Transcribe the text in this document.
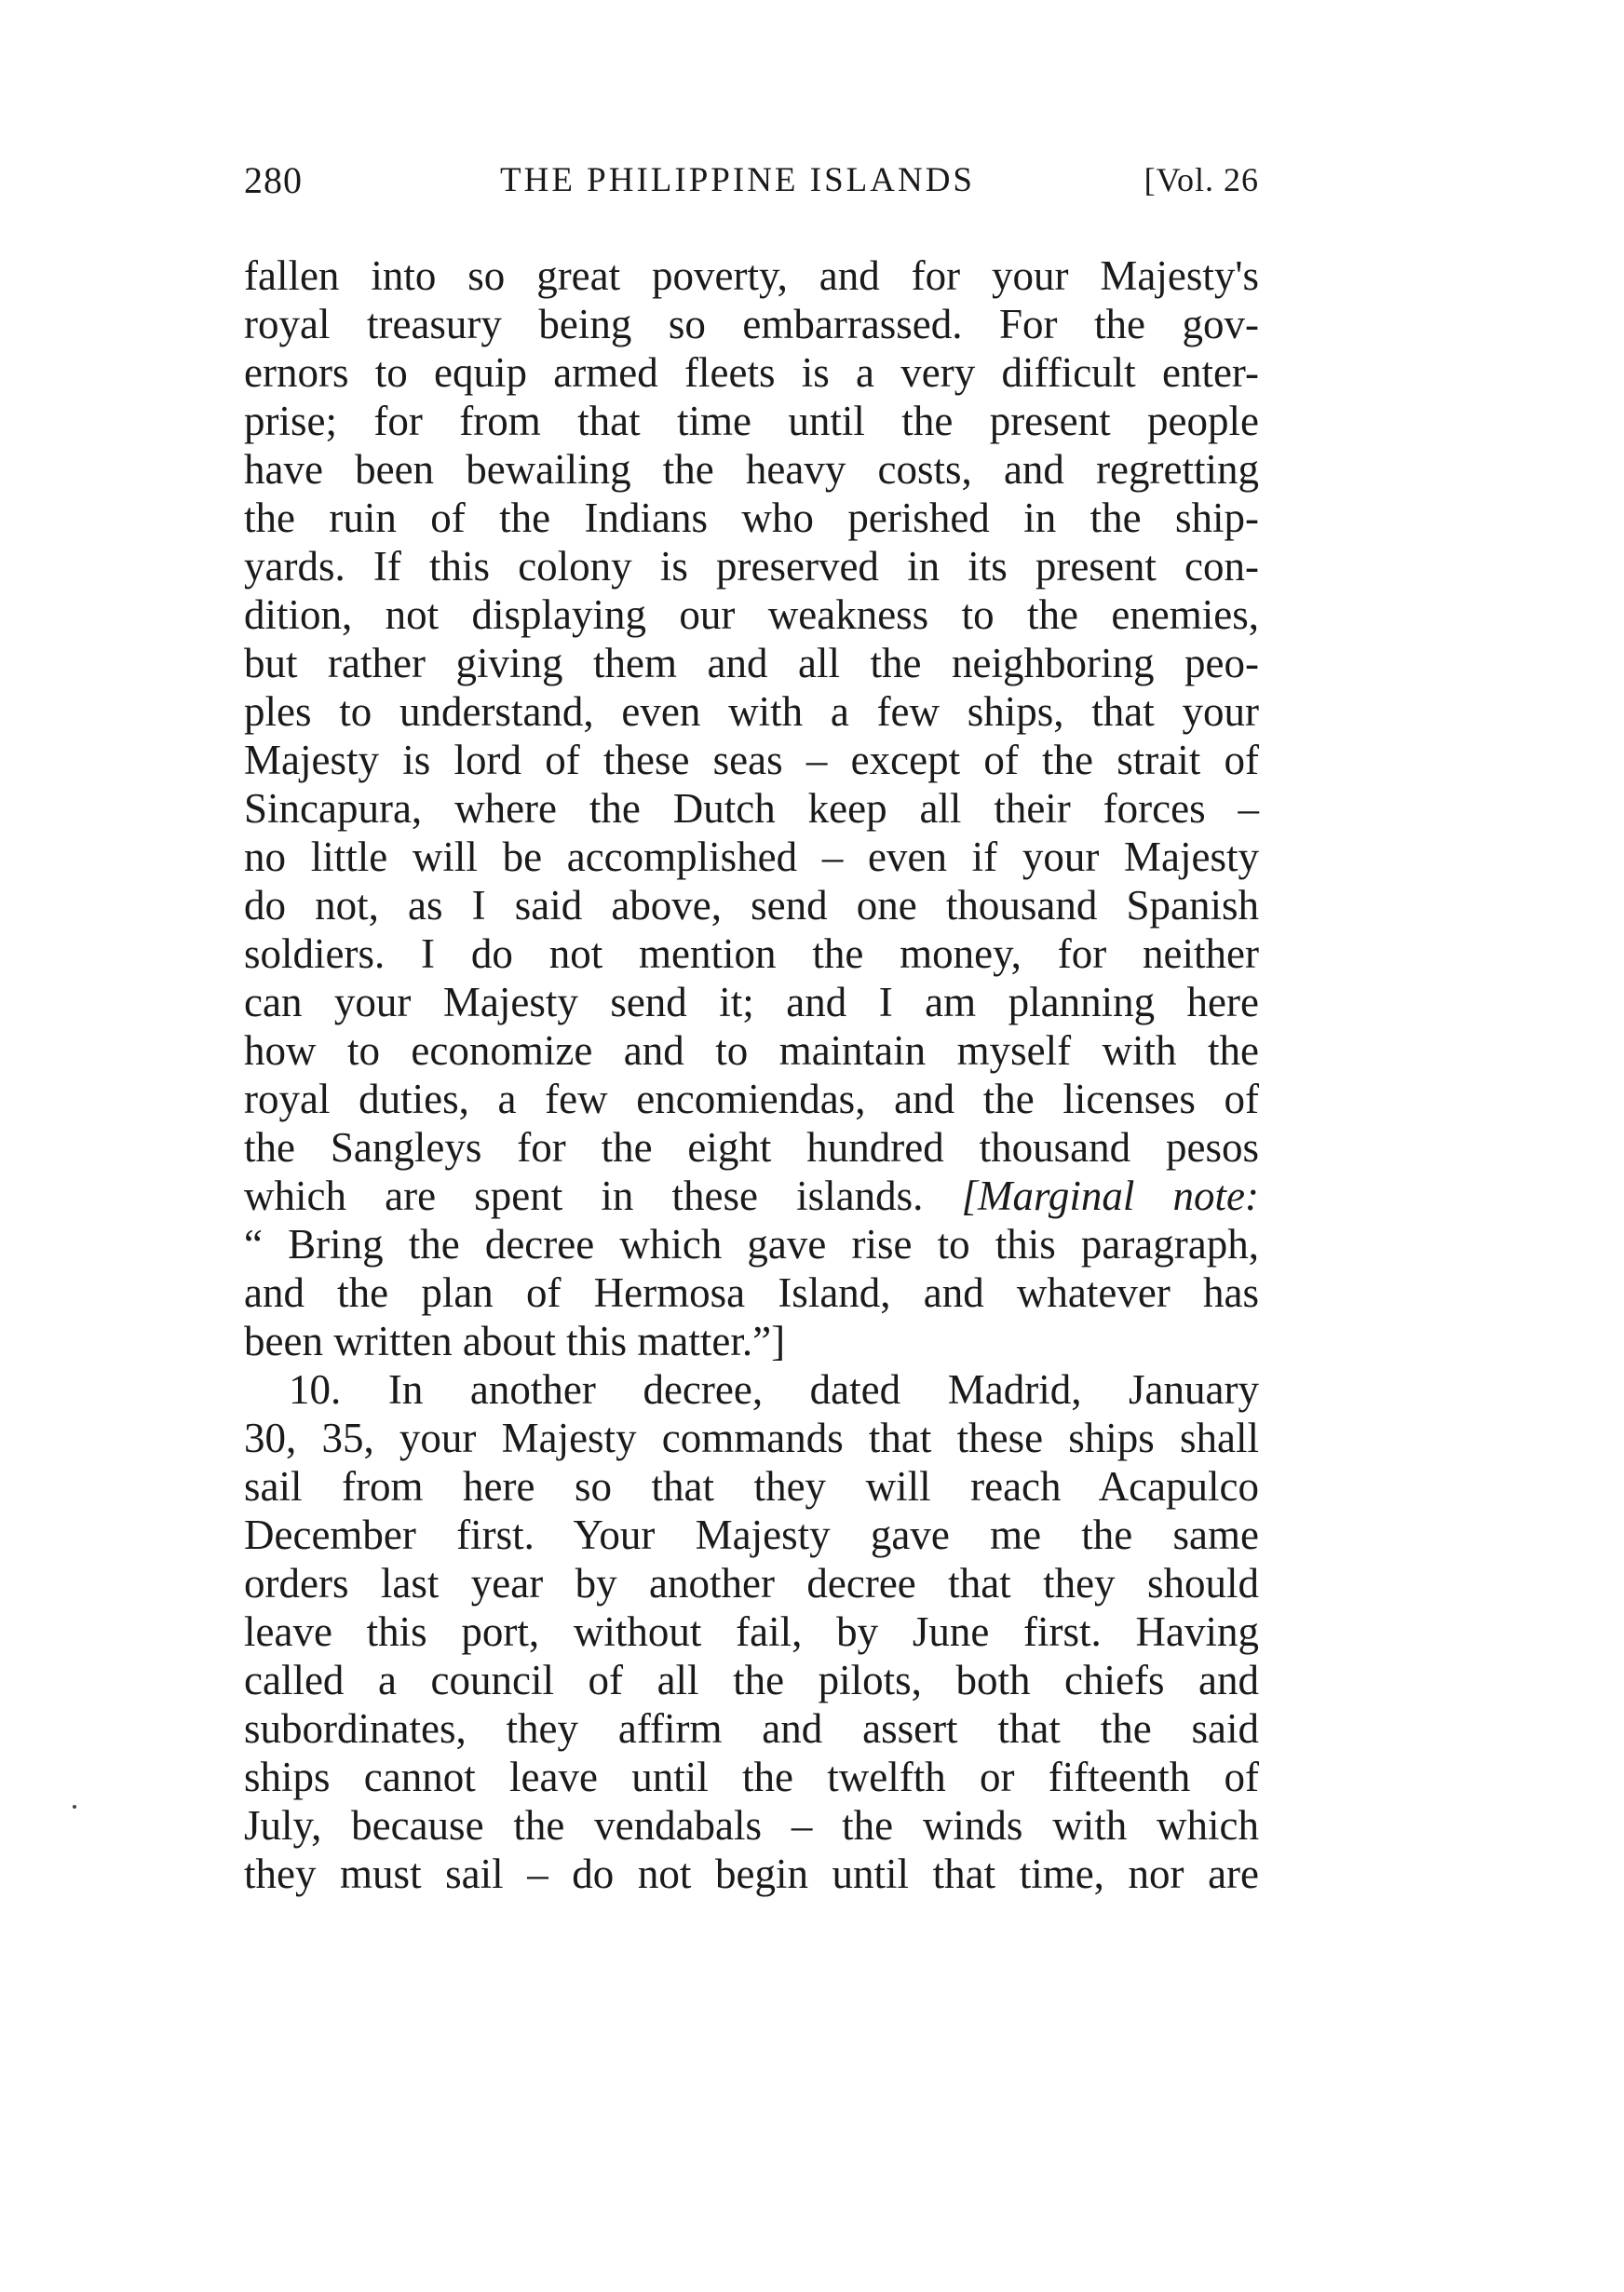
280	THE PHILIPPINE ISLANDS	[Vol. 26
fallen into so great poverty, and for your Majesty's
royal treasury being so embarrassed. For the gov-
ernors to equip armed fleets is a very difficult enter-
prise; for from that time until the present people
have been bewailing the heavy costs, and regretting
the ruin of the Indians who perished in the ship-
yards. If this colony is preserved in its present con-
dition, not displaying our weakness to the enemies,
but rather giving them and all the neighboring peo-
ples to understand, even with a few ships, that your
Majesty is lord of these seas – except of the strait of
Sincapura, where the Dutch keep all their forces –
no little will be accomplished – even if your Majesty
do not, as I said above, send one thousand Spanish
soldiers. I do not mention the money, for neither
can your Majesty send it; and I am planning here
how to economize and to maintain myself with the
royal duties, a few encomiendas, and the licenses of
the Sangleys for the eight hundred thousand pesos
which are spent in these islands. [Marginal note:
“ Bring the decree which gave rise to this paragraph,
and the plan of Hermosa Island, and whatever has
been written about this matter.”]
10. In another decree, dated Madrid, January
30, 35, your Majesty commands that these ships shall
sail from here so that they will reach Acapulco
December first. Your Majesty gave me the same
orders last year by another decree that they should
leave this port, without fail, by June first. Having
called a council of all the pilots, both chiefs and
subordinates, they affirm and assert that the said
ships cannot leave until the twelfth or fifteenth of
July, because the vendabals – the winds with which
they must sail – do not begin until that time, nor are
